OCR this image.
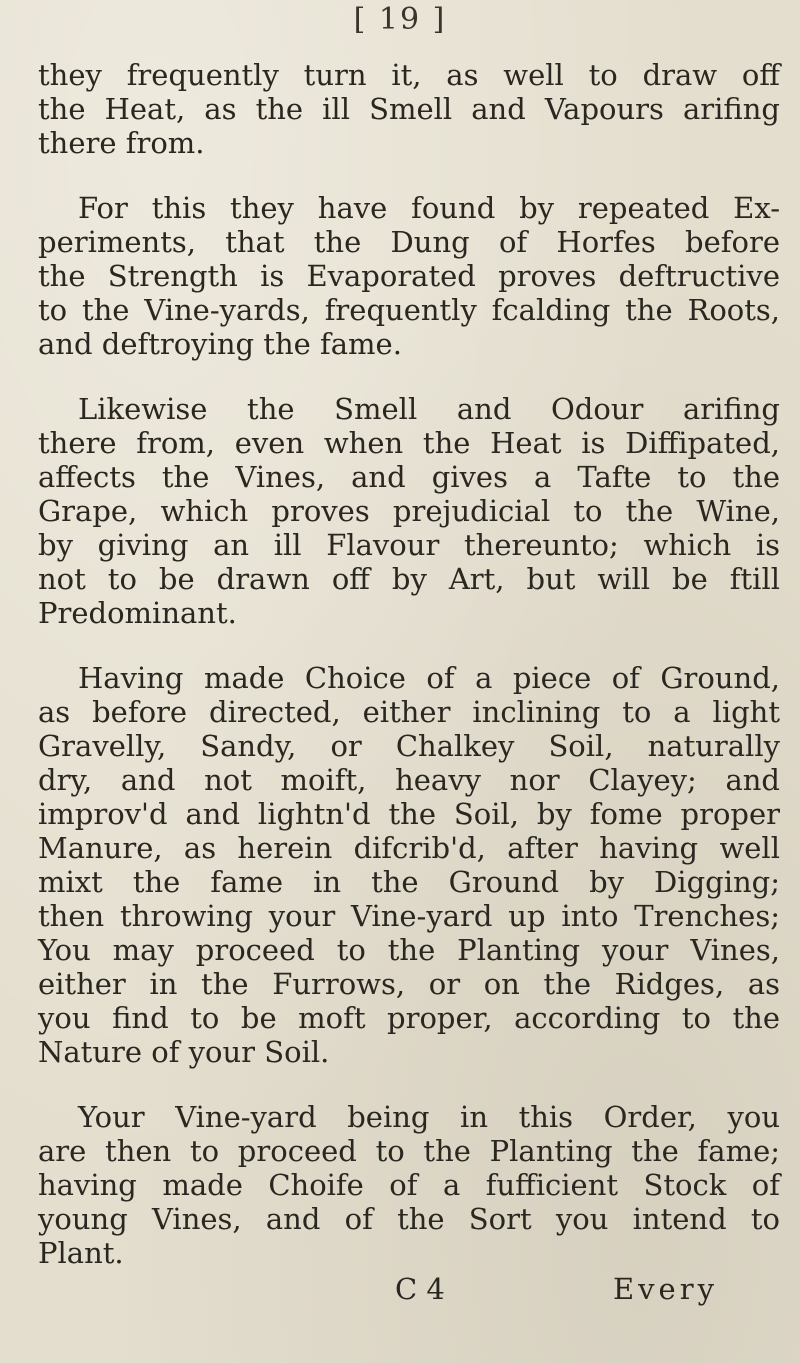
[ 19 ]
they frequently turn it, as well to draw off
the Heat, as the ill Smell and Vapours arifing
there from.
For this they have found by repeated Ex-
periments, that the Dung of Horfes before
the Strength is Evaporated proves deftructive
to the Vine-yards, frequently fcalding the Roots,
and deftroying the fame.
Likewise the Smell and Odour arifing
there from, even when the Heat is Diffipated,
affects the Vines, and gives a Tafte to the
Grape, which proves prejudicial to the Wine,
by giving an ill Flavour thereunto; which is
not to be drawn off by Art, but will be ftill
Predominant.
Having made Choice of a piece of Ground,
as before directed, either inclining to a light
Gravelly, Sandy, or Chalkey Soil, naturally
dry, and not moift, heavy nor Clayey; and
improv'd and lightn'd the Soil, by fome proper
Manure, as herein difcrib'd, after having well
mixt the fame in the Ground by Digging;
then throwing your Vine-yard up into Trenches;
You may proceed to the Planting your Vines,
either in the Furrows, or on the Ridges, as
you find to be moft proper, according to the
Nature of your Soil.
Your Vine-yard being in this Order, you
are then to proceed to the Planting the fame;
having made Choife of a fufficient Stock of
young Vines, and of the Sort you intend to
Plant.
C 4	Every
